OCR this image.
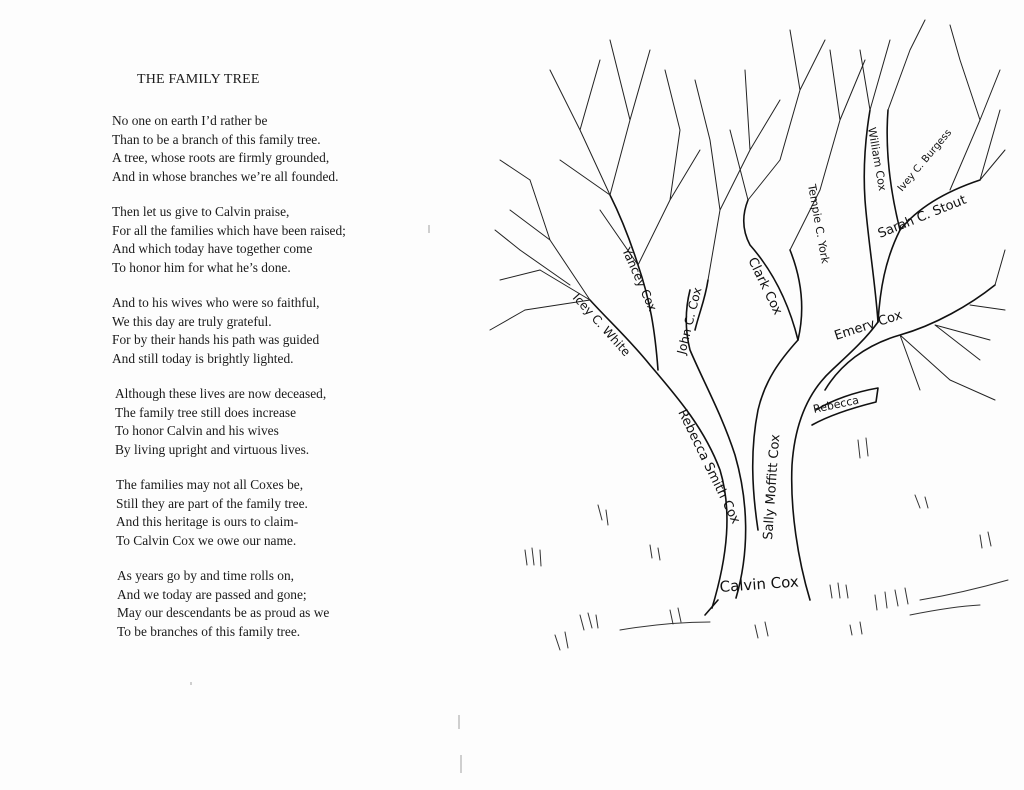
THE FAMILY TREE
No one on earth I’d rather be
Than to be a branch of this family tree.
A tree, whose roots are firmly grounded,
And in whose branches we’re all founded.
Then let us give to Calvin praise,
For all the families which have been raised;
And which today have together come
To honor him for what he’s done.
And to his wives who were so faithful,
We this day are truly grateful.
For by their hands his path was guided
And still today is brightly lighted.
Although these lives are now deceased,
The family tree still does increase
To honor Calvin and his wives
By living upright and virtuous lives.
The families may not all Coxes be,
Still they are part of the family tree.
And this heritage is ours to claim-
To Calvin Cox we owe our name.
As years go by and time rolls on,
And we today are passed and gone;
May our descendants be as proud as we
To be branches of this family tree.
Calvin Cox
Rebecca Smith Cox Sally Moffitt Cox
Rebecca
Icey C. White
Yancey Cox
John C. Cox	Clark Cox
Tempie C. York
William Cox Ivey C. Burgess
Sarah C. Stout
Emery Cox
